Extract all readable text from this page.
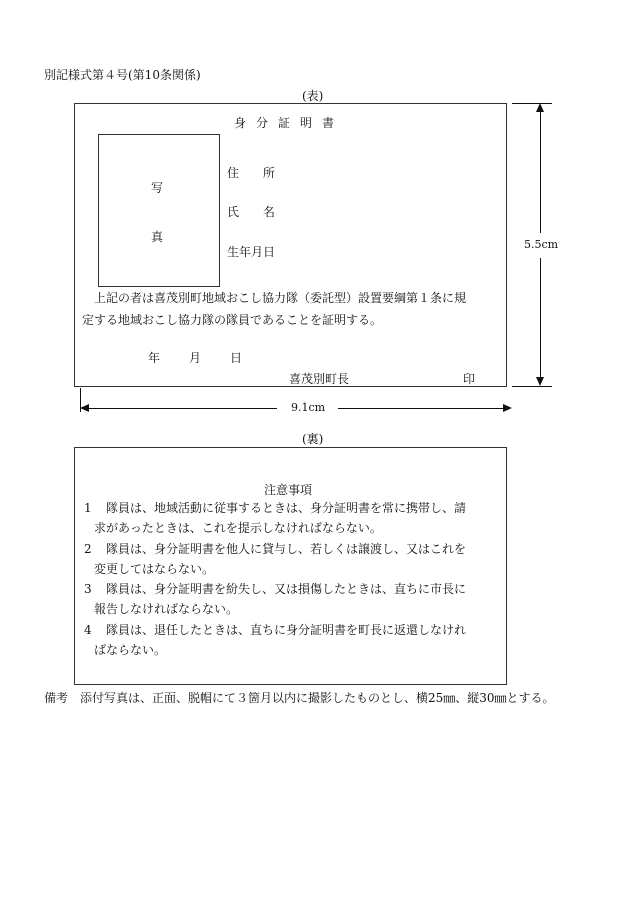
別記様式第４号(第10条関係)
(表)
身分証明書
写
真
住 所
氏 名
生年月日
上記の者は喜茂別町地域おこし協力隊（委託型）設置要綱第１条に規
定する地域おこし協力隊の隊員であることを証明する。
年 月 日
喜茂別町長	印
5.5cm
9.1cm
(裏)
注意事項
1 隊員は、地域活動に従事するときは、身分証明書を常に携帯し、請
求があったときは、これを提示しなければならない。
2 隊員は、身分証明書を他人に貸与し、若しくは譲渡し、又はこれを
変更してはならない。
3 隊員は、身分証明書を紛失し、又は損傷したときは、直ちに市長に
報告しなければならない。
4 隊員は、退任したときは、直ちに身分証明書を町長に返還しなけれ
ばならない。
備考　添付写真は、正面、脱帽にて３箇月以内に撮影したものとし、横25㎜、縦30㎜とする。
